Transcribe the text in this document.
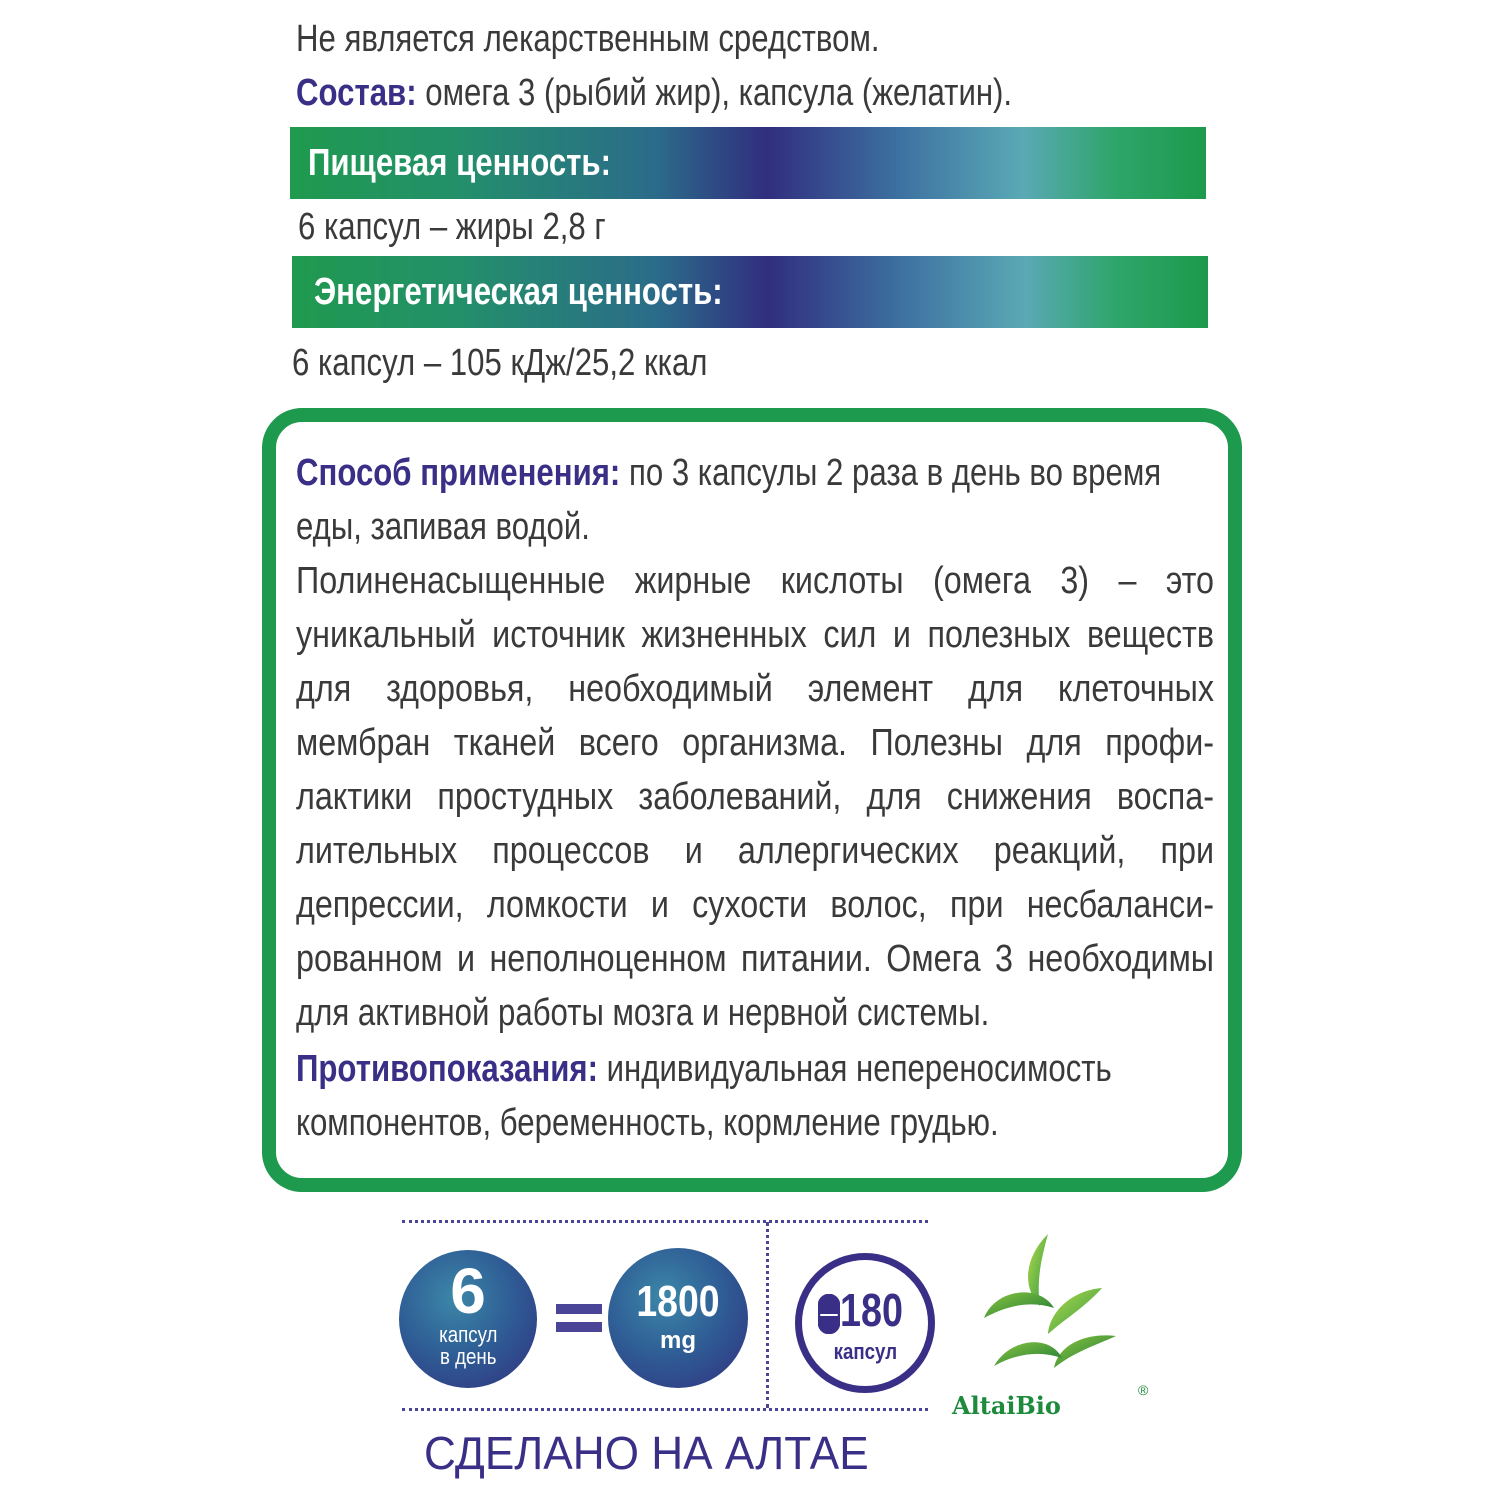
Не является лекарственным средством.
Состав: омега 3 (рыбий жир), капсула (желатин).
Пищевая ценность:
6 капсул – жиры 2,8 г
Энергетическая ценность:
6 капсул – 105 кДж/25,2 ккал
Способ применения: по 3 капсулы 2 раза в день во время
еды, запивая водой.
Полиненасыщенные жирные кислоты (омега 3) – это
уникальный источник жизненных сил и полезных веществ
для здоровья, необходимый элемент для клеточных
мембран тканей всего организма. Полезны для профи-
лактики простудных заболеваний, для снижения воспа-
лительных процессов и аллергических реакций, при
депрессии, ломкости и сухости волос, при несбаланси-
рованном и неполноценном питании. Омега 3 необходимы
для активной работы мозга и нервной системы.
Противопоказания: индивидуальная непереносимость
компонентов, беременность, кормление грудью.
6
капсул
в день
1800
mg
180
капсул
AltaiBio
®
СДЕЛАНО НА АЛТАЕ
